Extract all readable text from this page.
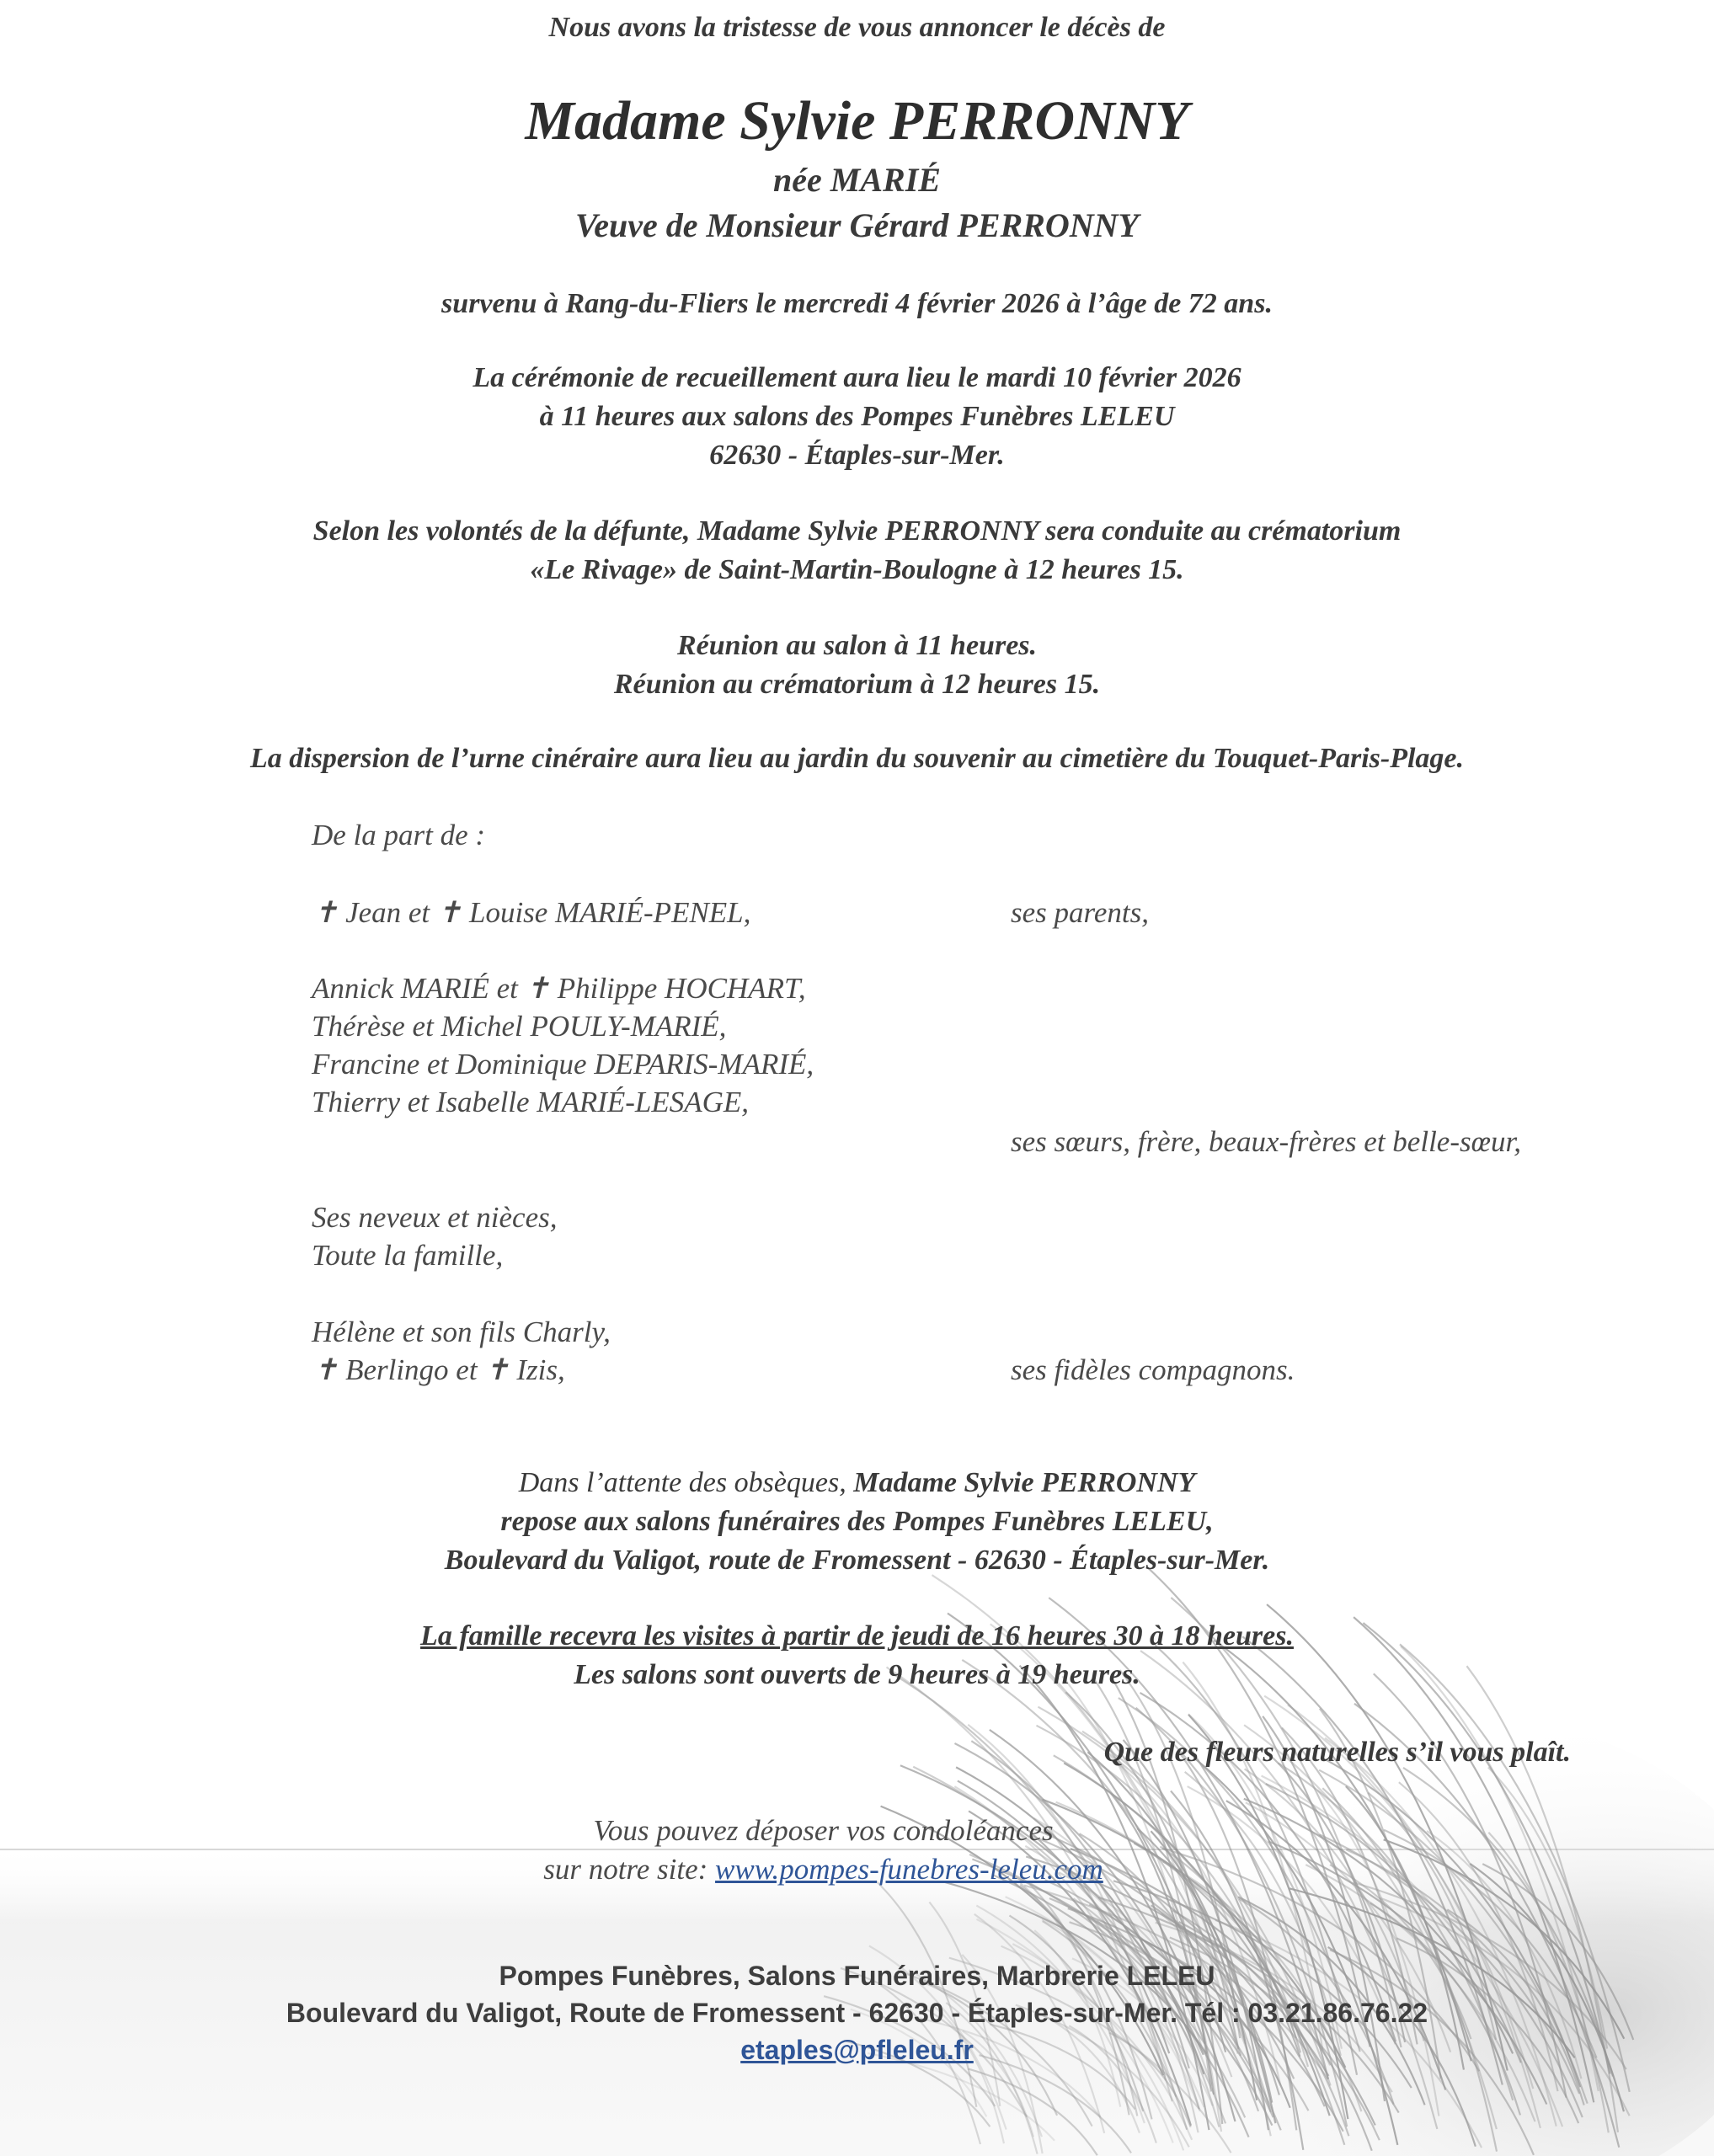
Nous avons la tristesse de vous annoncer le décès de
Madame Sylvie PERRONNY
née MARIÉ
Veuve de Monsieur Gérard PERRONNY
survenu à Rang-du-Fliers le mercredi 4 février 2026 à l’âge de 72 ans.
La cérémonie de recueillement aura lieu le mardi 10 février 2026
à 11 heures aux salons des Pompes Funèbres LELEU
62630 - Étaples-sur-Mer.
Selon les volontés de la défunte, Madame Sylvie PERRONNY sera conduite au crématorium
«Le Rivage» de Saint-Martin-Boulogne à 12 heures 15.
Réunion au salon à 11 heures.
Réunion au crématorium à 12 heures 15.
La dispersion de l’urne cinéraire aura lieu au jardin du souvenir au cimetière du Touquet-Paris-Plage.
De la part de :
✝ Jean et ✝ Louise MARIÉ-PENEL,	ses parents,
Annick MARIÉ et ✝ Philippe HOCHART,
Thérèse et Michel POULY-MARIÉ,
Francine et Dominique DEPARIS-MARIÉ,
Thierry et Isabelle MARIÉ-LESAGE,
ses sœurs, frère, beaux-frères et belle-sœur,
Ses neveux et nièces,
Toute la famille,
Hélène et son fils Charly,
✝ Berlingo et ✝ Izis,	ses fidèles compagnons.
Dans l’attente des obsèques, Madame Sylvie PERRONNY
repose aux salons funéraires des Pompes Funèbres LELEU,
Boulevard du Valigot, route de Fromessent - 62630 - Étaples-sur-Mer.
La famille recevra les visites à partir de jeudi de 16 heures 30 à 18 heures.
Les salons sont ouverts de 9 heures à 19 heures.
Que des fleurs naturelles s’il vous plaît.
Vous pouvez déposer vos condoléances
sur notre site: www.pompes-funebres-leleu.com
Pompes Funèbres, Salons Funéraires, Marbrerie LELEU
Boulevard du Valigot, Route de Fromessent - 62630 - Étaples-sur-Mer. Tél : 03.21.86.76.22
etaples@pfleleu.fr
